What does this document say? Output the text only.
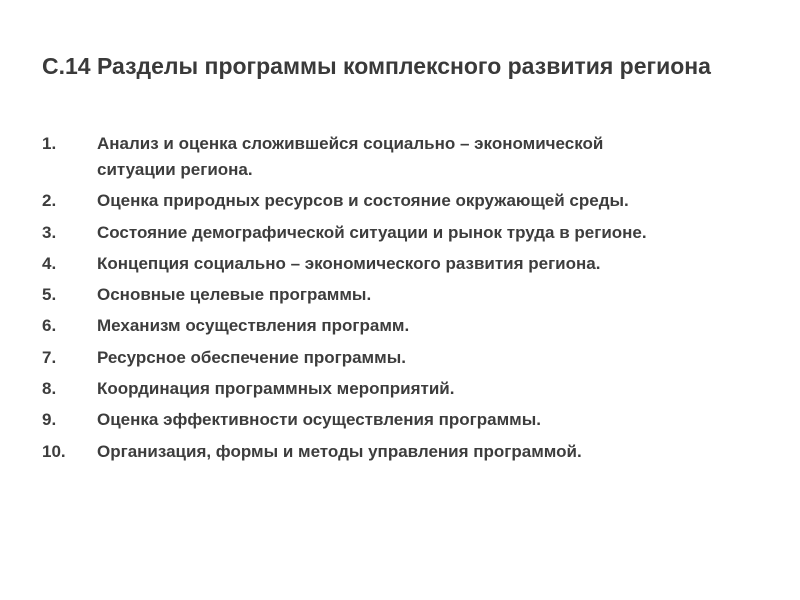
С.14 Разделы программы комплексного развития региона
1.	Анализ и оценка сложившейся социально – экономической
ситуации региона.
2.	Оценка природных ресурсов и состояние окружающей среды.
3.	Состояние демографической ситуации и рынок труда в регионе.
4.	Концепция социально – экономического развития региона.
5.	Основные целевые программы.
6.	Механизм осуществления программ.
7.	Ресурсное обеспечение программы.
8.	Координация программных мероприятий.
9.	Оценка эффективности осуществления программы.
10.	Организация, формы и методы управления программой.
